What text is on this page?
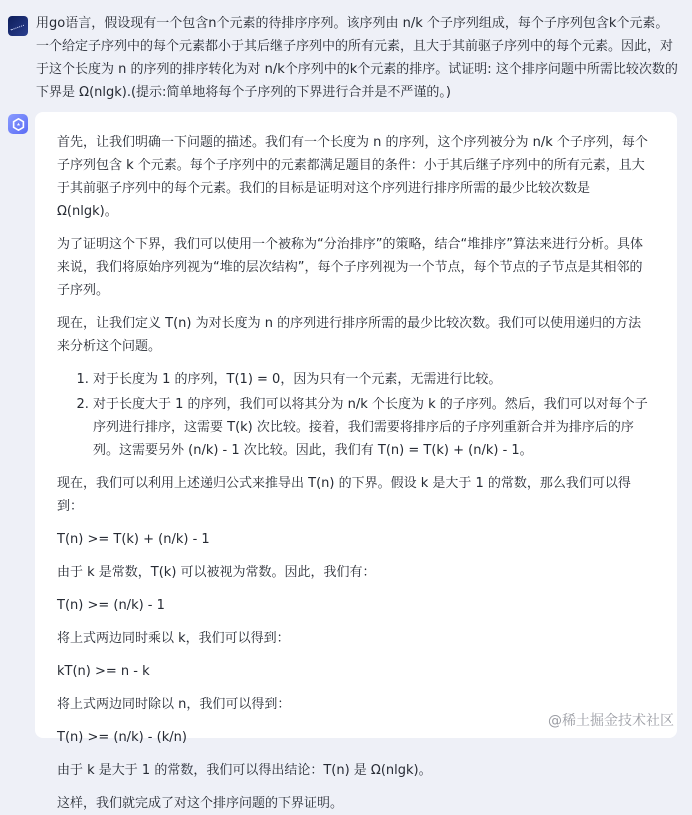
用go语言，假设现有一个包含n个元素的待排序序列。该序列由 n/k 个子序列组成，每个子序列包含k个元素。一个给定子序列中的每个元素都小于其后继子序列中的所有元素，且大于其前驱子序列中的每个元素。因此，对于这个长度为 n 的序列的排序转化为对 n/k个序列中的k个元素的排序。试证明: 这个排序问题中所需比较次数的下界是 Ω(nlgk).(提示:简单地将每个子序列的下界进行合并是不严谨的。)

首先，让我们明确一下问题的描述。我们有一个长度为 n 的序列，这个序列被分为 n/k 个子序列，每个子序列包含 k 个元素。每个子序列中的元素都满足题目的条件：小于其后继子序列中的所有元素，且大于其前驱子序列中的每个元素。我们的目标是证明对这个序列进行排序所需的最少比较次数是 Ω(nlgk)。

为了证明这个下界，我们可以使用一个被称为“分治排序”的策略，结合“堆排序”算法来进行分析。具体来说，我们将原始序列视为“堆的层次结构”，每个子序列视为一个节点，每个节点的子节点是其相邻的子序列。

现在，让我们定义 T(n) 为对长度为 n 的序列进行排序所需的最少比较次数。我们可以使用递归的方法来分析这个问题。

1. 对于长度为 1 的序列，T(1) = 0，因为只有一个元素，无需进行比较。
2. 对于长度大于 1 的序列，我们可以将其分为 n/k 个长度为 k 的子序列。然后，我们可以对每个子序列进行排序，这需要 T(k) 次比较。接着，我们需要将排序后的子序列重新合并为排序后的序列。这需要另外 (n/k) - 1 次比较。因此，我们有 T(n) = T(k) + (n/k) - 1。

现在，我们可以利用上述递归公式来推导出 T(n) 的下界。假设 k 是大于 1 的常数，那么我们可以得到：

T(n) >= T(k) + (n/k) - 1

由于 k 是常数，T(k) 可以被视为常数。因此，我们有：

T(n) >= (n/k) - 1

将上式两边同时乘以 k，我们可以得到：

kT(n) >= n - k

将上式两边同时除以 n，我们可以得到：

T(n) >= (n/k) - (k/n)

由于 k 是大于 1 的常数，我们可以得出结论：T(n) 是 Ω(nlgk)。

这样，我们就完成了对这个排序问题的下界证明。

@稀土掘金技术社区
